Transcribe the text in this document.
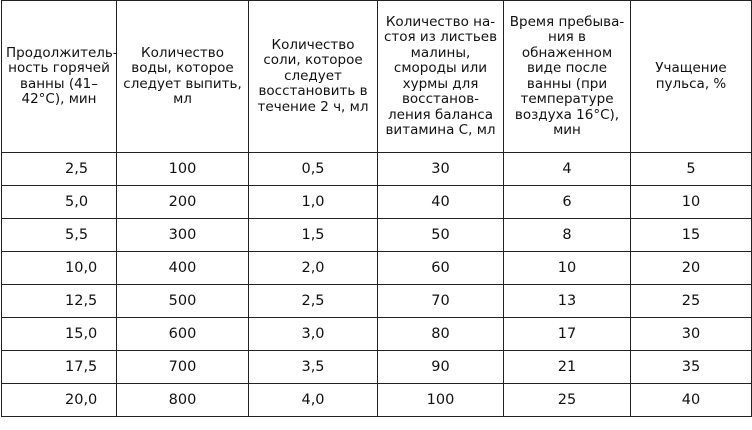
Продолжитель-ность горячей ванны (41–42°C), мин	Количество воды, которое следует выпить, мл	Количество соли, которое следует восстановить в течение 2 ч, мл	Количество на-стоя из листьев малины, смороды или хурмы для восстанов-ления баланса витамина C, мл	Время пребыва-ния в обнаженном виде после ванны (при температуре воздуха 16°C), мин	Учащение пульса, %
2,5	100	0,5	30	4	5
5,0	200	1,0	40	6	10
5,5	300	1,5	50	8	15
10,0	400	2,0	60	10	20
12,5	500	2,5	70	13	25
15,0	600	3,0	80	17	30
17,5	700	3,5	90	21	35
20,0	800	4,0	100	25	40
